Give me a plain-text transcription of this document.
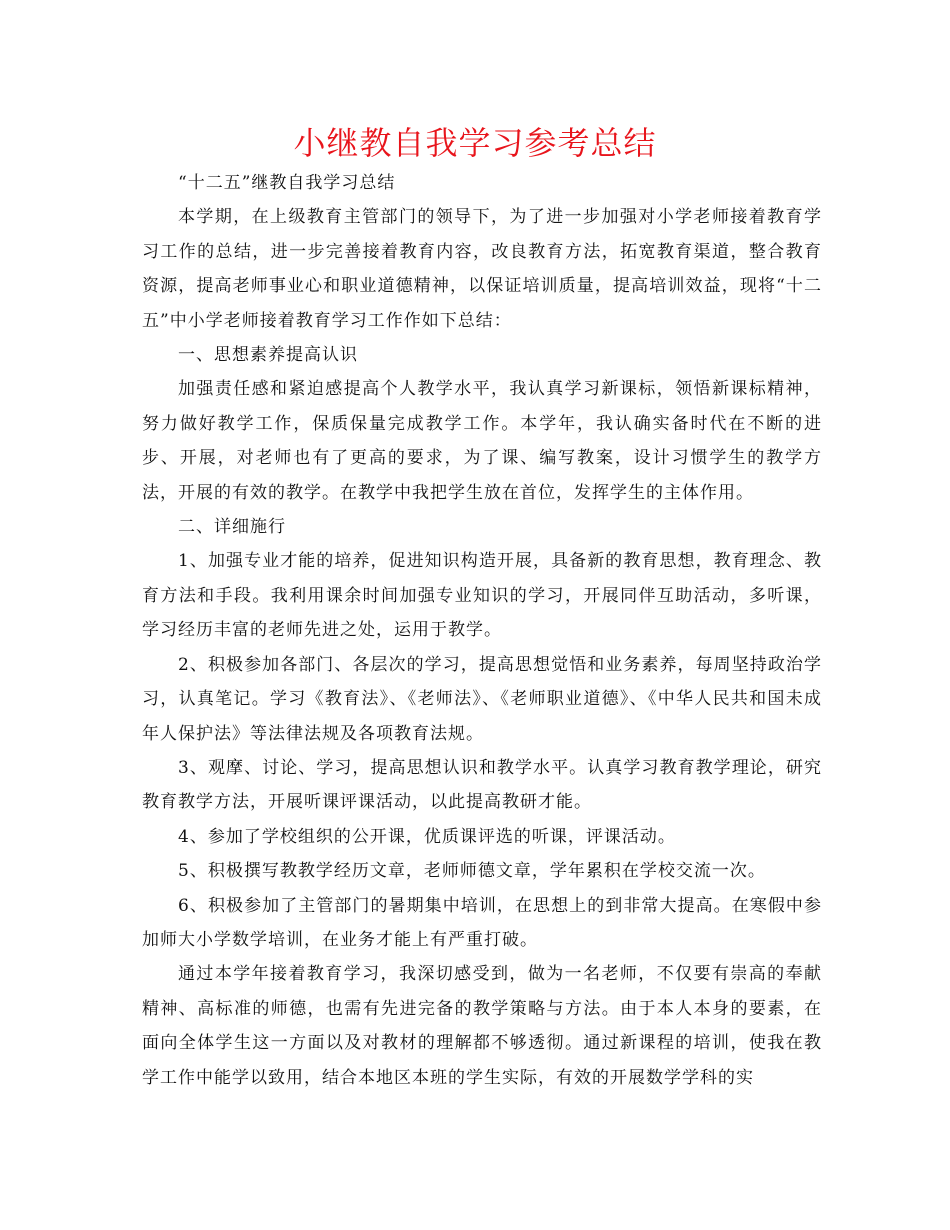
小继教自我学习参考总结

“十二五”继教自我学习总结

本学期，在上级教育主管部门的领导下，为了进一步加强对小学老师接着教育学习工作的总结，进一步完善接着教育内容，改良教育方法，拓宽教育渠道，整合教育资源，提高老师事业心和职业道德精神，以保证培训质量，提高培训效益，现将“十二五”中小学老师接着教育学习工作作如下总结：

一、思想素养提高认识

加强责任感和紧迫感提高个人教学水平，我认真学习新课标，领悟新课标精神，努力做好教学工作，保质保量完成教学工作。本学年，我认确实备时代在不断的进步、开展，对老师也有了更高的要求，为了课、编写教案，设计习惯学生的教学方法，开展的有效的教学。在教学中我把学生放在首位，发挥学生的主体作用。

二、详细施行

1、加强专业才能的培养，促进知识构造开展，具备新的教育思想，教育理念、教育方法和手段。我利用课余时间加强专业知识的学习，开展同伴互助活动，多听课，学习经历丰富的老师先进之处，运用于教学。

2、积极参加各部门、各层次的学习，提高思想觉悟和业务素养，每周坚持政治学习，认真笔记。学习《教育法》、《老师法》、《老师职业道德》、《中华人民共和国未成年人保护法》等法律法规及各项教育法规。

3、观摩、讨论、学习，提高思想认识和教学水平。认真学习教育教学理论，研究教育教学方法，开展听课评课活动，以此提高教研才能。

4、参加了学校组织的公开课，优质课评选的听课，评课活动。

5、积极撰写教教学经历文章，老师师德文章，学年累积在学校交流一次。

6、积极参加了主管部门的暑期集中培训，在思想上的到非常大提高。在寒假中参加师大小学数学培训，在业务才能上有严重打破。

通过本学年接着教育学习，我深切感受到，做为一名老师，不仅要有崇高的奉献精神、高标准的师德，也需有先进完备的教学策略与方法。由于本人本身的要素，在面向全体学生这一方面以及对教材的理解都不够透彻。通过新课程的培训，使我在教学工作中能学以致用，结合本地区本班的学生实际，有效的开展数学学科的实
